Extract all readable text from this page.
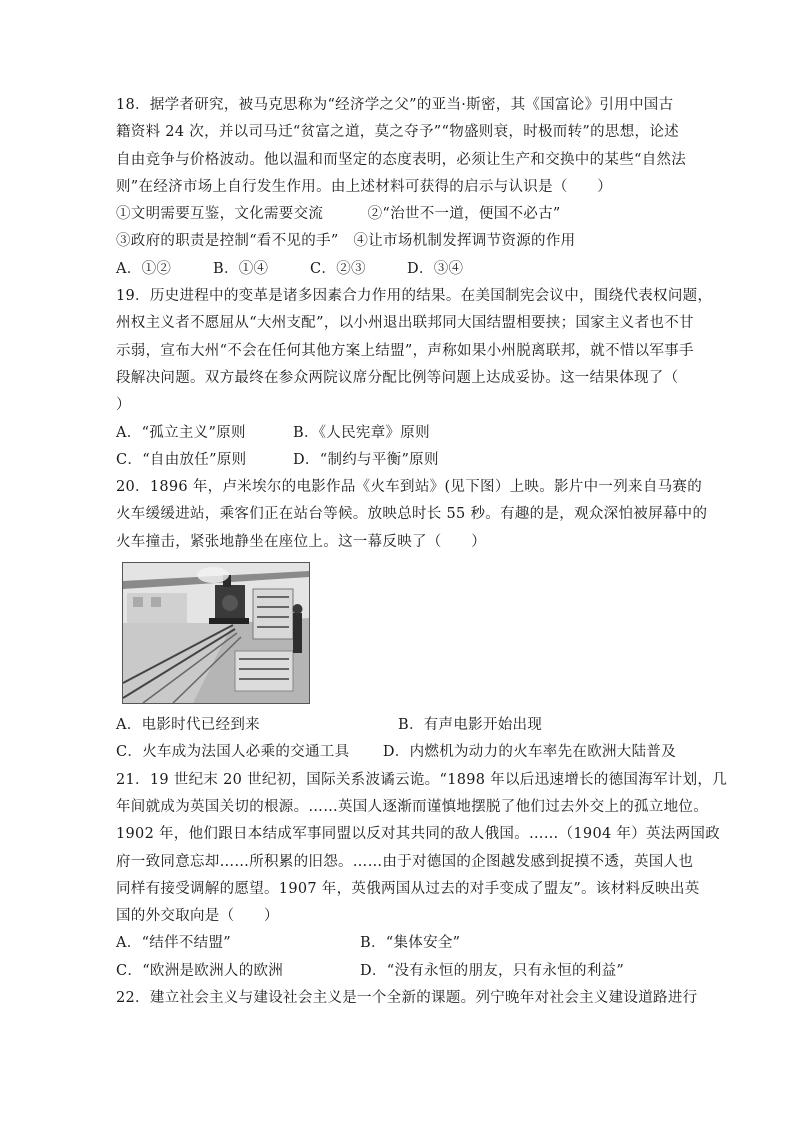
18．据学者研究，被马克思称为“经济学之父”的亚当·斯密，其《国富论》引用中国古
籍资料 24 次，并以司马迁“贫富之道，莫之夺予”“物盛则衰，时极而转”的思想，论述
自由竞争与价格波动。他以温和而坚定的态度表明，必须让生产和交换中的某些“自然法
则”在经济市场上自行发生作用。由上述材料可获得的启示与认识是（　　）
①文明需要互鉴，文化需要交流　　　②“治世不一道，便国不必古”
③政府的职责是控制“看不见的手”　④让市场机制发挥调节资源的作用
A．①②	B．①④	C．②③	D．③④
19．历史进程中的变革是诸多因素合力作用的结果。在美国制宪会议中，围绕代表权问题，
州权主义者不愿屈从“大州支配”，以小州退出联邦同大国结盟相要挟；国家主义者也不甘
示弱，宣布大州“不会在任何其他方案上结盟”，声称如果小州脱离联邦，就不惜以军事手
段解决问题。双方最终在参众两院议席分配比例等问题上达成妥协。这一结果体现了（
）
A．“孤立主义”原则	B．《人民宪章》原则
C．“自由放任”原则	D．“制约与平衡”原则
20．1896 年，卢米埃尔的电影作品《火车到站》(见下图）上映。影片中一列来自马赛的
火车缓缓进站，乘客们正在站台等候。放映总时长 55 秒。有趣的是，观众深怕被屏幕中的
火车撞击，紧张地静坐在座位上。这一幕反映了（　　）
A．电影时代已经到来	B．有声电影开始出现
C．火车成为法国人必乘的交通工具	D．内燃机为动力的火车率先在欧洲大陆普及
21．19 世纪末 20 世纪初，国际关系波谲云诡。“1898 年以后迅速增长的德国海军计划，几
年间就成为英国关切的根源。……英国人逐渐而谨慎地摆脱了他们过去外交上的孤立地位。
1902 年，他们跟日本结成军事同盟以反对其共同的敌人俄国。……（1904 年）英法两国政
府一致同意忘却……所积累的旧怨。……由于对德国的企图越发感到捉摸不透，英国人也
同样有接受调解的愿望。1907 年，英俄两国从过去的对手变成了盟友”。该材料反映出英
国的外交取向是（　　）
A．“结伴不结盟”	B．“集体安全”
C．“欧洲是欧洲人的欧洲	D．“没有永恒的朋友，只有永恒的利益”
22．建立社会主义与建设社会主义是一个全新的课题。列宁晚年对社会主义建设道路进行
